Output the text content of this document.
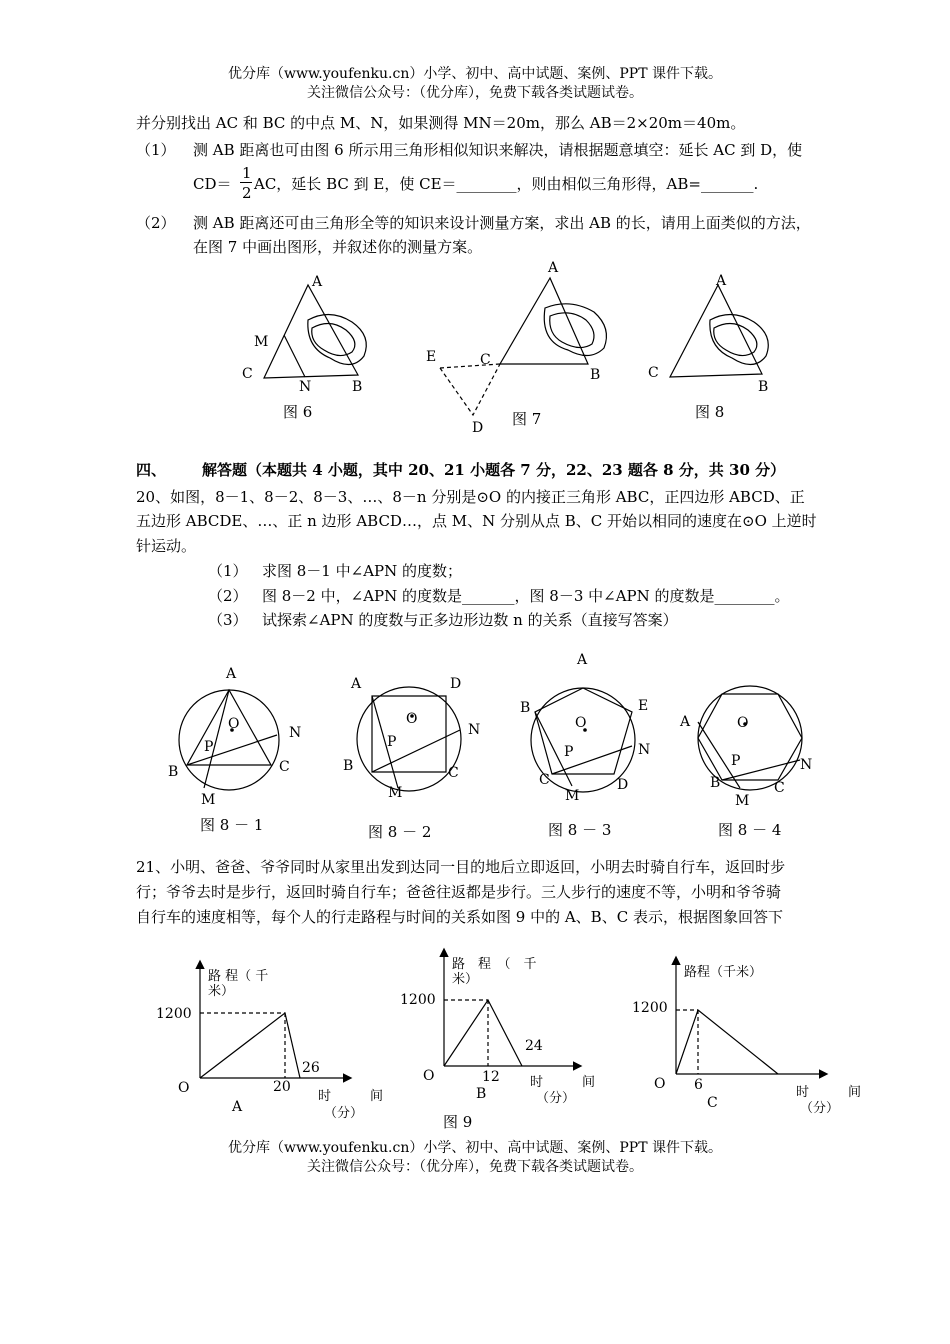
优分库（www.youfenku.cn）小学、初中、高中试题、案例、PPT 课件下载。
关注微信公众号：（优分库），免费下载各类试题试卷。
并分别找出 AC 和 BC 的中点 M、N，如果测得 MN＝20m，那么 AB＝2×20m＝40m。
（1） 测 AB 距离也可由图 6 所示用三角形相似知识来解决，请根据题意填空：延长 AC 到 D，使
CD＝
1
2 AC，延长 BC 到 E，使 CE＝________，则由相似三角形得，AB=_______.
（2） 测 AB 距离还可由三角形全等的知识来设计测量方案，求出 AB 的长，请用上面类似的方法，
在图 7 中画出图形，并叙述你的测量方案。
A
M
C
N	B
图 6
A
E	C
B
D 图 7
A
C
B
图 8
四、 解答题（本题共 4 小题，其中 20、21 小题各 7 分，22、23 题各 8 分，共 30 分）
20、如图，8－1、8－2、8－3、…、8－n 分别是⊙O 的内接正三角形 ABC，正四边形 ABCD、正
五边形 ABCDE、…、正 n 边形 ABCD…，点 M、N 分别从点 B、C 开始以相同的速度在⊙O 上逆时
针运动。
（1） 求图 8－1 中∠APN 的度数；
（2） 图 8－2 中，∠APN 的度数是_______，图 8－3 中∠APN 的度数是________。
（3） 试探索∠APN 的度数与正多边形边数 n 的关系（直接写答案）
A
O
P
N
B	C
M
图 8 － 1
A	D
O
P
N
B	C
M
图 8 － 2
A
B	E
O
P	N
C	D
M
图 8 － 3
A	O
P	N
B	C
M
图 8 － 4
21、小明、爸爸、爷爷同时从家里出发到达同一目的地后立即返回，小明去时骑自行车，返回时步
行；爷爷去时是步行，返回时骑自行车；爸爸往返都是步行。三人步行的速度不等，小明和爷爷骑
自行车的速度相等，每个人的行走路程与时间的关系如图 9 中的 A、B、C 表示，根据图象回答下
路 程（ 千
米）
1200
O	20
26
时　　　间
（分）
A
路　程　（　千
米）
1200
O	12
24
时　　　间
（分）
B
图 9
路程（千米）
1200
O 6	时　　　间
（分）
C
优分库（www.youfenku.cn）小学、初中、高中试题、案例、PPT 课件下载。
关注微信公众号：（优分库），免费下载各类试题试卷。
